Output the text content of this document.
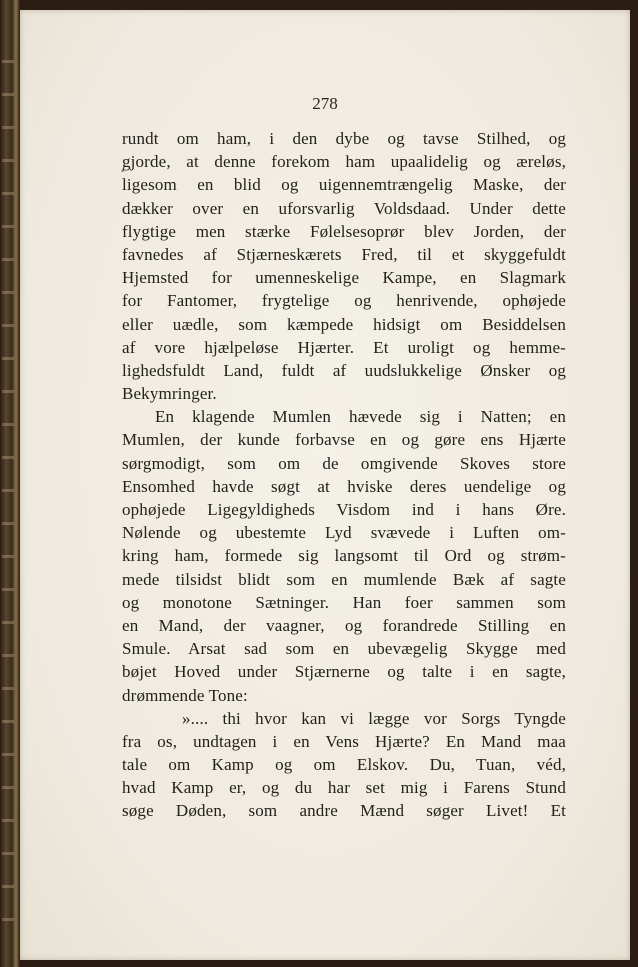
278
•
rundt om ham, i den dybe og tavse Stilhed, og
gjorde, at denne forekom ham upaalidelig og æreløs,
ligesom en blid og uigennemtrængelig Maske, der
dækker over en uforsvarlig Voldsdaad. Under dette
flygtige men stærke Følelsesoprør blev Jorden, der
favnedes af Stjærneskærets Fred, til et skyggefuldt
Hjemsted for umenneskelige Kampe, en Slagmark
for Fantomer, frygtelige og henrivende, ophøjede
eller uædle, som kæmpede hidsigt om Besiddelsen
af vore hjælpeløse Hjærter. Et uroligt og hemme-
lighedsfuldt Land, fuldt af uudslukkelige Ønsker og
Bekymringer.
En klagende Mumlen hævede sig i Natten; en
Mumlen, der kunde forbavse en og gøre ens Hjærte
sørgmodigt, som om de omgivende Skoves store
Ensomhed havde søgt at hviske deres uendelige og
ophøjede Ligegyldigheds Visdom ind i hans Øre.
Nølende og ubestemte Lyd svævede i Luften om-
kring ham, formede sig langsomt til Ord og strøm-
mede tilsidst blidt som en mumlende Bæk af sagte
og monotone Sætninger. Han foer sammen som
en Mand, der vaagner, og forandrede Stilling en
Smule. Arsat sad som en ubevægelig Skygge med
bøjet Hoved under Stjærnerne og talte i en sagte,
drømmende Tone:
».... thi hvor kan vi lægge vor Sorgs Tyngde
fra os, undtagen i en Vens Hjærte? En Mand maa
tale om Kamp og om Elskov. Du, Tuan, véd,
hvad Kamp er, og du har set mig i Farens Stund
søge Døden, som andre Mænd søger Livet! Et
